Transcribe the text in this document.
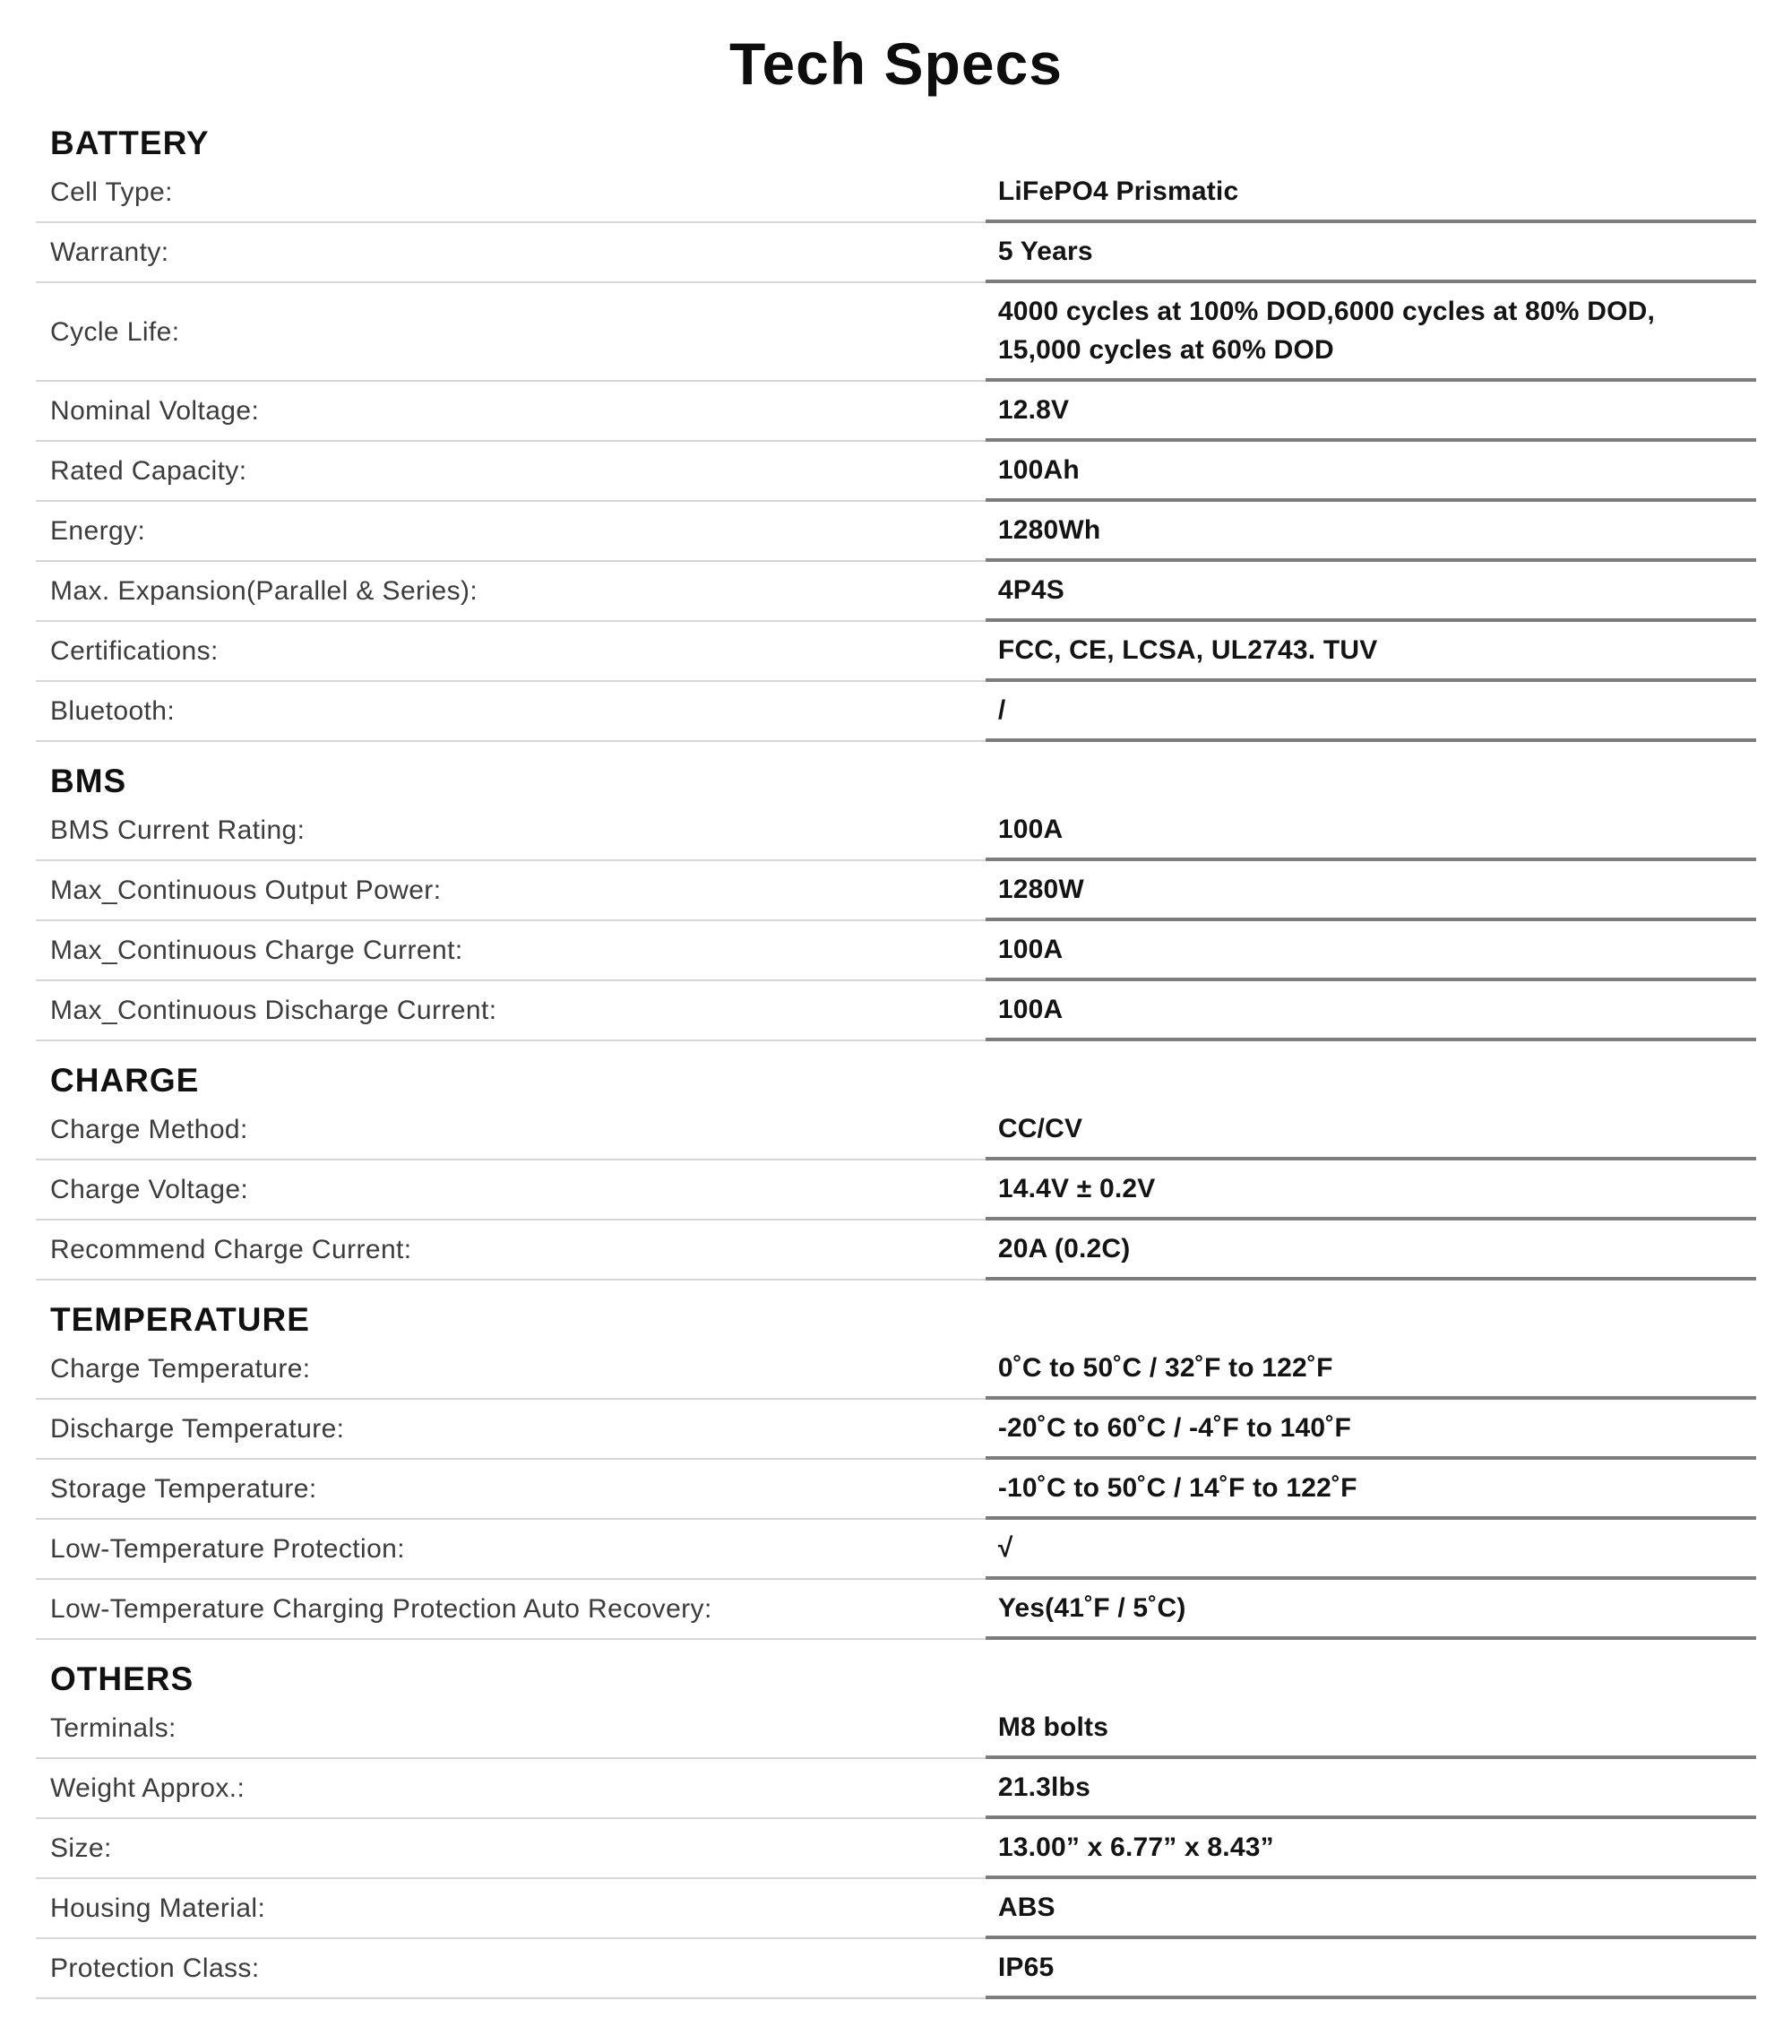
Tech Specs
BATTERY
Cell Type:	LiFePO4 Prismatic
Warranty:	5 Years
Cycle Life:
4000 cycles at 100% DOD,6000 cycles at 80% DOD,
15,000 cycles at 60% DOD
Nominal Voltage:	12.8V
Rated Capacity:	100Ah
Energy:	1280Wh
Max. Expansion(Parallel & Series):	4P4S
Certifications:	FCC, CE, LCSA, UL2743. TUV
Bluetooth:	/
BMS
BMS Current Rating:	100A
Max_Continuous Output Power:	1280W
Max_Continuous Charge Current:	100A
Max_Continuous Discharge Current:	100A
CHARGE
Charge Method:	CC/CV
Charge Voltage:	14.4V ± 0.2V
Recommend Charge Current:	20A (0.2C)
TEMPERATURE
Charge Temperature:	0˚C to 50˚C / 32˚F to 122˚F
Discharge Temperature:	-20˚C to 60˚C / -4˚F to 140˚F
Storage Temperature:	-10˚C to 50˚C / 14˚F to 122˚F
Low-Temperature Protection:	√
Low-Temperature Charging Protection Auto Recovery:	Yes(41˚F / 5˚C)
OTHERS
Terminals:	M8 bolts
Weight Approx.:	21.3lbs
Size:	13.00” x 6.77” x 8.43”
Housing Material:	ABS
Protection Class:	IP65
